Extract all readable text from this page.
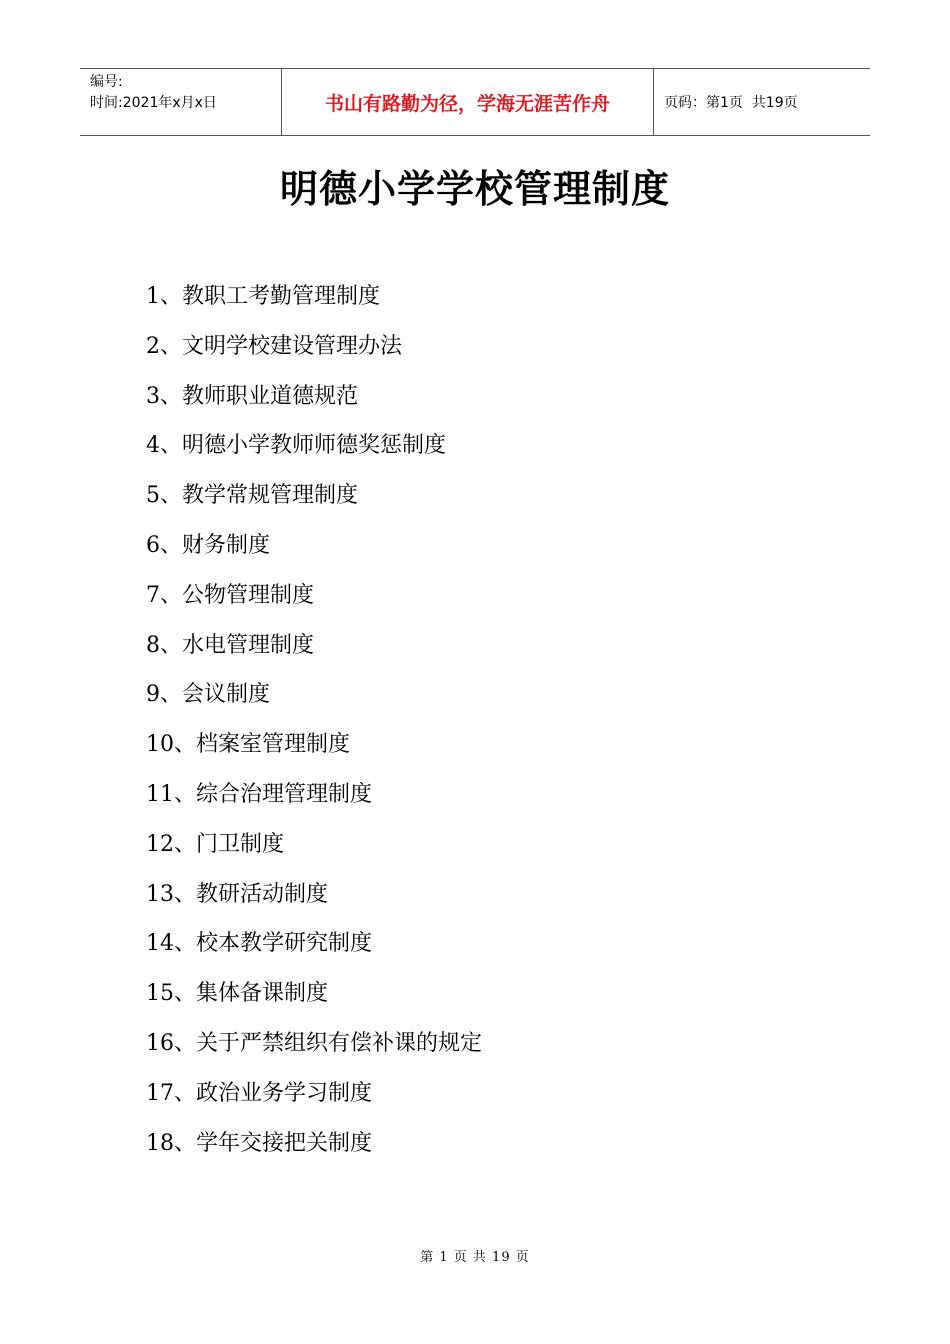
编号:
时间:2021年x月x日	书山有路勤为径，学海无涯苦作舟	页码：第1页  共19页
明德小学学校管理制度
1、教职工考勤管理制度
2、文明学校建设管理办法
3、教师职业道德规范
4、明德小学教师师德奖惩制度
5、教学常规管理制度
6、财务制度
7、公物管理制度
8、水电管理制度
9、会议制度
10、档案室管理制度
11、综合治理管理制度
12、门卫制度
13、教研活动制度
14、校本教学研究制度
15、集体备课制度
16、关于严禁组织有偿补课的规定
17、政治业务学习制度
18、学年交接把关制度
第 1 页 共 19 页
